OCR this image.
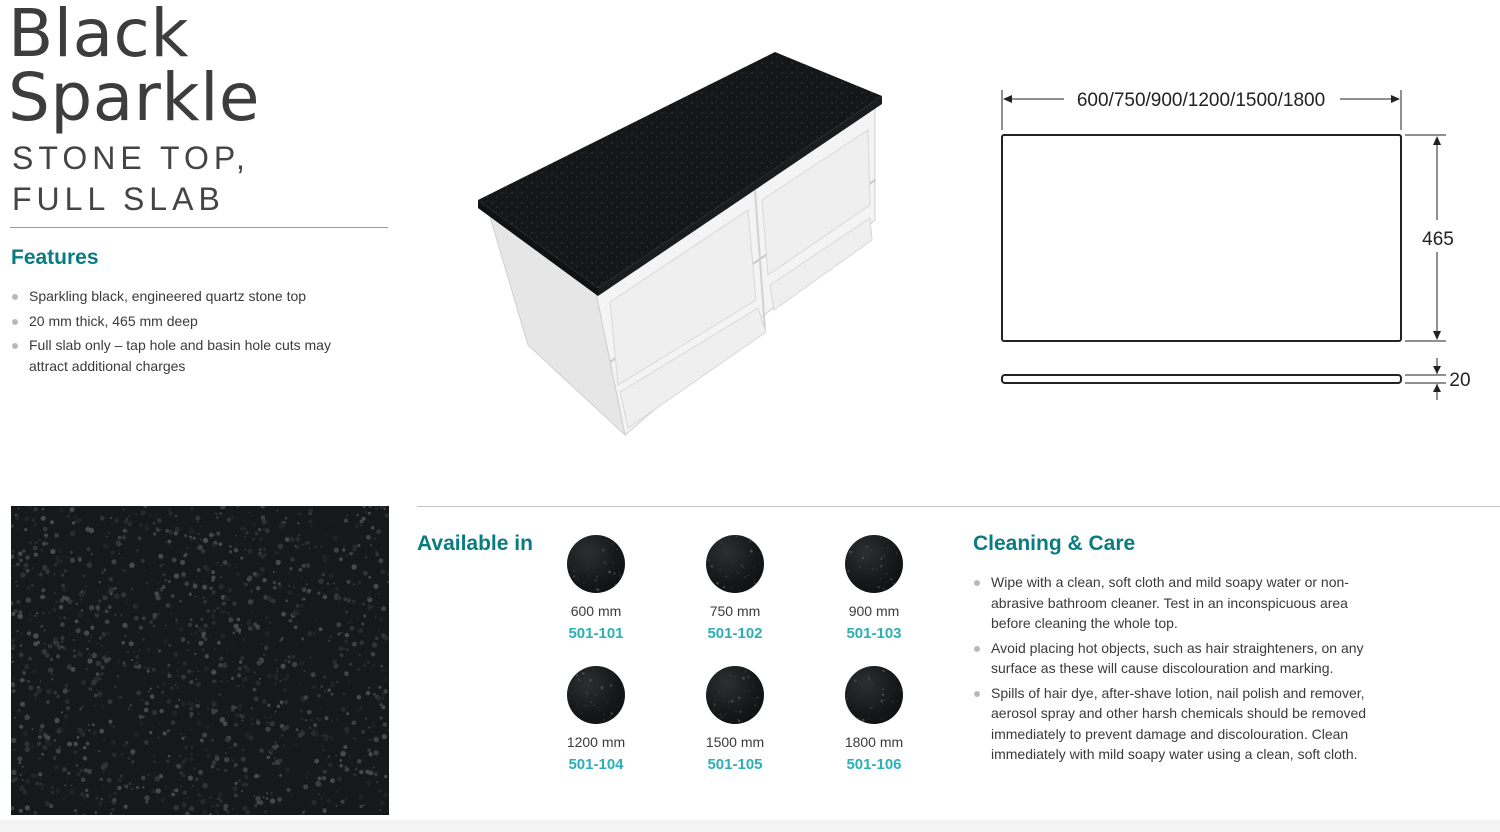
Black
Sparkle
STONE TOP,
FULL SLAB
Features
Sparkling black, engineered quartz stone top
20 mm thick, 465 mm deep
Full slab only – tap hole and basin hole cuts may attract additional charges
600/750/900/1200/1500/1800
465
20
Available in
600 mm
501-101
750 mm
501-102
900 mm
501-103
1200 mm
501-104
1500 mm
501-105
1800 mm
501-106
Cleaning & Care
Wipe with a clean, soft cloth and mild soapy water or non-abrasive bathroom cleaner. Test in an inconspicuous area before cleaning the whole top.
Avoid placing hot objects, such as hair straighteners, on any surface as these will cause discolouration and marking.
Spills of hair dye, after-shave lotion, nail polish and remover, aerosol spray and other harsh chemicals should be removed immediately to prevent damage and discolouration. Clean immediately with mild soapy water using a clean, soft cloth.
